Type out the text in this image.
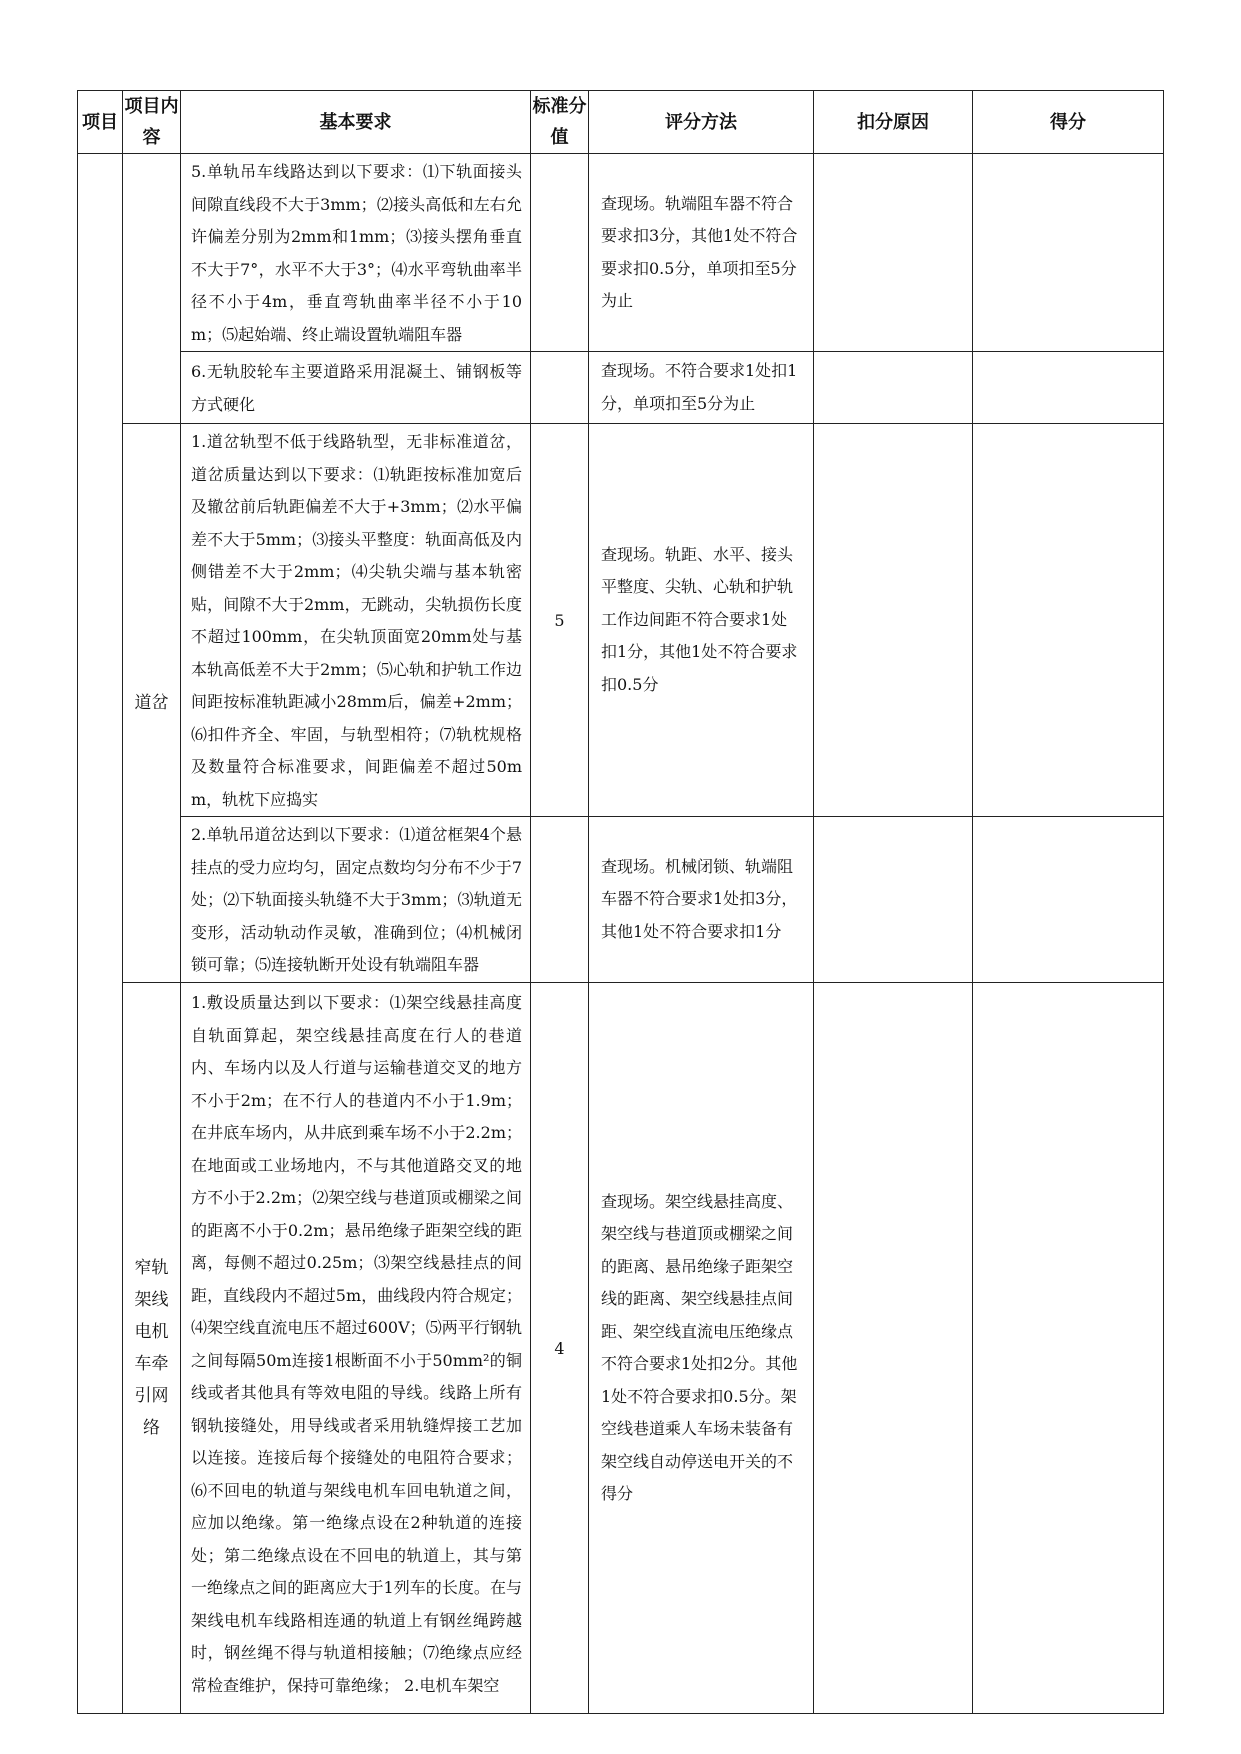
项目	项目内容	基本要求	标准分值	评分方法	扣分原因	得分
		5.单轨吊车线路达到以下要求：⑴下轨面接头间隙直线段不大于3mm；⑵接头高低和左右允许偏差分别为2mm和1mm；⑶接头摆角垂直不大于7°，水平不大于3°；⑷水平弯轨曲率半径不小于4m，垂直弯轨曲率半径不小于10m；⑸起始端、终止端设置轨端阻车器		查现场。轨端阻车器不符合要求扣3分，其他1处不符合要求扣0.5分，单项扣至5分为止		
		6.无轨胶轮车主要道路采用混凝土、铺钢板等方式硬化		查现场。不符合要求1处扣1分，单项扣至5分为止		
	道岔	1.道岔轨型不低于线路轨型，无非标准道岔，道岔质量达到以下要求：⑴轨距按标准加宽后及辙岔前后轨距偏差不大于+3mm；⑵水平偏差不大于5mm；⑶接头平整度：轨面高低及内侧错差不大于2mm；⑷尖轨尖端与基本轨密贴，间隙不大于2mm，无跳动，尖轨损伤长度不超过100mm，在尖轨顶面宽20mm处与基本轨高低差不大于2mm；⑸心轨和护轨工作边间距按标准轨距减小28mm后，偏差+2mm；⑹扣件齐全、牢固，与轨型相符；⑺轨枕规格及数量符合标准要求，间距偏差不超过50mm，轨枕下应捣实	5	查现场。轨距、水平、接头平整度、尖轨、心轨和护轨工作边间距不符合要求1处扣1分，其他1处不符合要求扣0.5分		
		2.单轨吊道岔达到以下要求：⑴道岔框架4个悬挂点的受力应均匀，固定点数均匀分布不少于7处；⑵下轨面接头轨缝不大于3mm；⑶轨道无变形，活动轨动作灵敏，准确到位；⑷机械闭锁可靠；⑸连接轨断开处设有轨端阻车器		查现场。机械闭锁、轨端阻车器不符合要求1处扣3分，其他1处不符合要求扣1分		
	窄轨架线电机车牵引网络	1.敷设质量达到以下要求：⑴架空线悬挂高度自轨面算起，架空线悬挂高度在行人的巷道内、车场内以及人行道与运输巷道交叉的地方不小于2m；在不行人的巷道内不小于1.9m；在井底车场内，从井底到乘车场不小于2.2m；在地面或工业场地内，不与其他道路交叉的地方不小于2.2m；⑵架空线与巷道顶或棚梁之间的距离不小于0.2m；悬吊绝缘子距架空线的距离，每侧不超过0.25m；⑶架空线悬挂点的间距，直线段内不超过5m，曲线段内符合规定；⑷架空线直流电压不超过600V；⑸两平行钢轨之间每隔50m连接1根断面不小于50mm²的铜线或者其他具有等效电阻的导线。线路上所有钢轨接缝处，用导线或者采用轨缝焊接工艺加以连接。连接后每个接缝处的电阻符合要求；⑹不回电的轨道与架线电机车回电轨道之间，应加以绝缘。第一绝缘点设在2种轨道的连接处；第二绝缘点设在不回电的轨道上，其与第一绝缘点之间的距离应大于1列车的长度。在与架线电机车线路相连通的轨道上有钢丝绳跨越时，钢丝绳不得与轨道相接触；⑺绝缘点应经常检查维护，保持可靠绝缘； 2.电机车架空	4	查现场。架空线悬挂高度、架空线与巷道顶或棚梁之间的距离、悬吊绝缘子距架空线的距离、架空线悬挂点间距、架空线直流电压绝缘点不符合要求1处扣2分。其他1处不符合要求扣0.5分。架空线巷道乘人车场未装备有架空线自动停送电开关的不得分		
